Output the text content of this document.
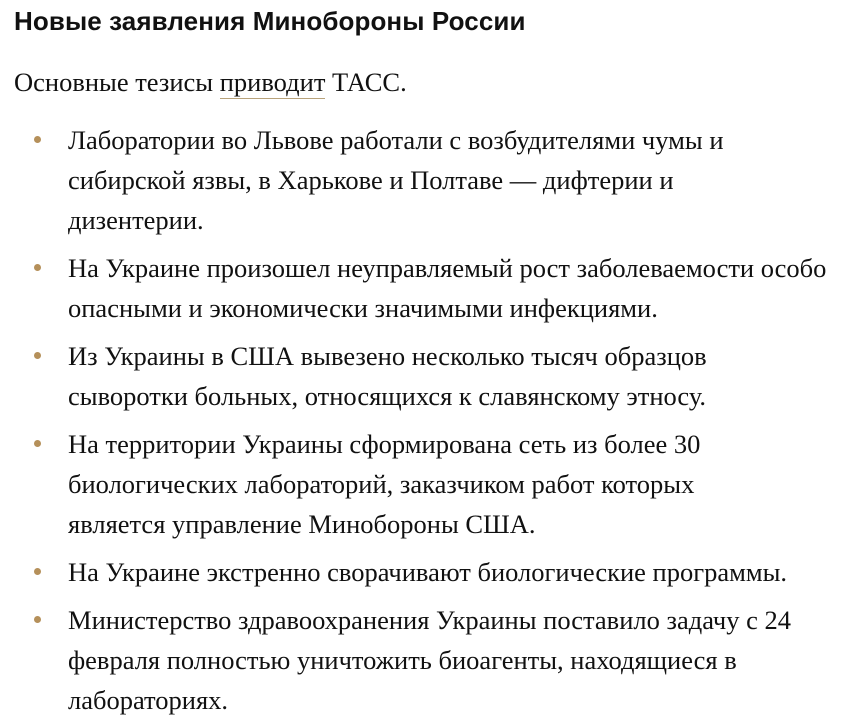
Новые заявления Минобороны России

Основные тезисы приводит ТАСС.

Лаборатории во Львове работали с возбудителями чумы и сибирской язвы, в Харькове и Полтаве — дифтерии и дизентерии.
На Украине произошел неуправляемый рост заболеваемости особо опасными и экономически значимыми инфекциями.
Из Украины в США вывезено несколько тысяч образцов сыворотки больных, относящихся к славянскому этносу.
На территории Украины сформирована сеть из более 30 биологических лабораторий, заказчиком работ которых является управление Минобороны США.
На Украине экстренно сворачивают биологические программы.
Министерство здравоохранения Украины поставило задачу с 24 февраля полностью уничтожить биоагенты, находящиеся в лабораториях.
